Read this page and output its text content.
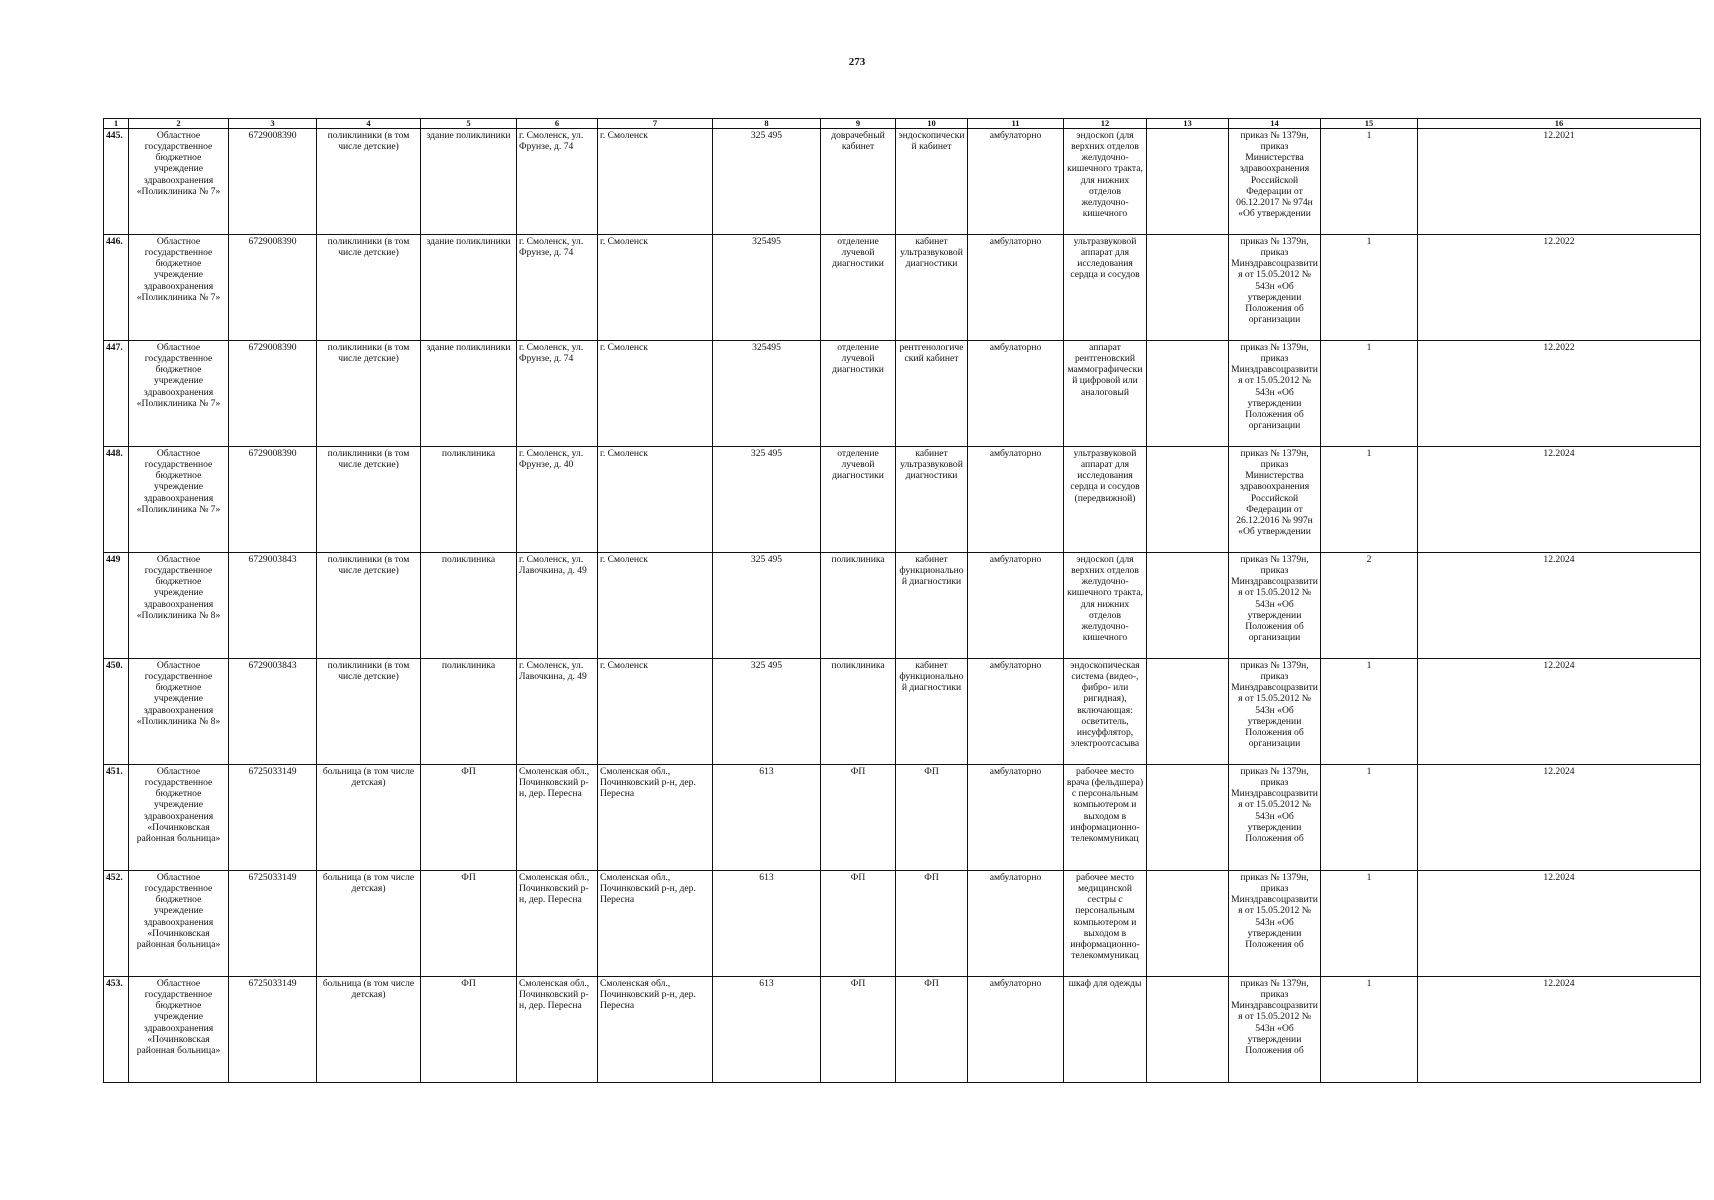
273
1	2	3	4	5	6	7	8	9	10	11	12	13	14	15	16
445.	Областное государственное бюджетное учреждение здравоохранения «Поликлиника № 7»	6729008390	поликлиники (в том числе детские)	здание поликлиники	г. Смоленск, ул. Фрунзе, д. 74	г. Смоленск	325 495	доврачебный кабинет	эндоскопический кабинет	амбулаторно	эндоскоп (для верхних отделов желудочно-кишечного тракта, для нижних отделов желудочно-кишечного		приказ № 1379н, приказ Министерства здравоохранения Российской Федерации от 06.12.2017 № 974н «Об утверждении	1	12.2021
446.	Областное государственное бюджетное учреждение здравоохранения «Поликлиника № 7»	6729008390	поликлиники (в том числе детские)	здание поликлиники	г. Смоленск, ул. Фрунзе, д. 74	г. Смоленск	325495	отделение лучевой диагностики	кабинет ультразвуковой диагностики	амбулаторно	ультразвуковой аппарат для исследования сердца и сосудов		приказ № 1379н, приказ Минздравсоцразвития от 15.05.2012 № 543н «Об утверждении Положения об организации	1	12.2022
447.	Областное государственное бюджетное учреждение здравоохранения «Поликлиника № 7»	6729008390	поликлиники (в том числе детские)	здание поликлиники	г. Смоленск, ул. Фрунзе, д. 74	г. Смоленск	325495	отделение лучевой диагностики	рентгенологический кабинет	амбулаторно	аппарат рентгеновский маммографический цифровой или аналоговый		приказ № 1379н, приказ Минздравсоцразвития от 15.05.2012 № 543н «Об утверждении Положения об организации	1	12.2022
448.	Областное государственное бюджетное учреждение здравоохранения «Поликлиника № 7»	6729008390	поликлиники (в том числе детские)	поликлиника	г. Смоленск, ул. Фрунзе, д. 40	г. Смоленск	325 495	отделение лучевой диагностики	кабинет ультразвуковой диагностики	амбулаторно	ультразвуковой аппарат для исследования сердца и сосудов (передвижной)		приказ № 1379н, приказ Министерства здравоохранения Российской Федерации от 26.12.2016 № 997н «Об утверждении	1	12.2024
449	Областное государственное бюджетное учреждение здравоохранения «Поликлиника № 8»	6729003843	поликлиники (в том числе детские)	поликлиника	г. Смоленск, ул. Лавочкина, д. 49	г. Смоленск	325 495	поликлиника	кабинет функциональной диагностики	амбулаторно	эндоскоп (для верхних отделов желудочно-кишечного тракта, для нижних отделов желудочно-кишечного		приказ № 1379н, приказ Минздравсоцразвития от 15.05.2012 № 543н «Об утверждении Положения об организации	2	12.2024
450.	Областное государственное бюджетное учреждение здравоохранения «Поликлиника № 8»	6729003843	поликлиники (в том числе детские)	поликлиника	г. Смоленск, ул. Лавочкина, д. 49	г. Смоленск	325 495	поликлиника	кабинет функциональной диагностики	амбулаторно	эндоскопическая система (видео-, фибро- или ригидная), включающая: осветитель, инсуффлятор, электроотсасыва		приказ № 1379н, приказ Минздравсоцразвития от 15.05.2012 № 543н «Об утверждении Положения об организации	1	12.2024
451.	Областное государственное бюджетное учреждение здравоохранения «Починковская районная больница»	6725033149	больница (в том числе детская)	ФП	Смоленская обл., Починковский р-н, дер. Пересна	Смоленская обл., Починковский р-н, дер. Пересна	613	ФП	ФП	амбулаторно	рабочее место врача (фельдшера) с персональным компьютером и выходом в информационно-телекоммуникац		приказ № 1379н, приказ Минздравсоцразвития от 15.05.2012 № 543н «Об утверждении Положения об	1	12.2024
452.	Областное государственное бюджетное учреждение здравоохранения «Починковская районная больница»	6725033149	больница (в том числе детская)	ФП	Смоленская обл., Починковский р-н, дер. Пересна	Смоленская обл., Починковский р-н, дер. Пересна	613	ФП	ФП	амбулаторно	рабочее место медицинской сестры с персональным компьютером и выходом в информационно-телекоммуникац		приказ № 1379н, приказ Минздравсоцразвития от 15.05.2012 № 543н «Об утверждении Положения об	1	12.2024
453.	Областное государственное бюджетное учреждение здравоохранения «Починковская районная больница»	6725033149	больница (в том числе детская)	ФП	Смоленская обл., Починковский р-н, дер. Пересна	Смоленская обл., Починковский р-н, дер. Пересна	613	ФП	ФП	амбулаторно	шкаф для одежды		приказ № 1379н, приказ Минздравсоцразвития от 15.05.2012 № 543н «Об утверждении Положения об	1	12.2024
